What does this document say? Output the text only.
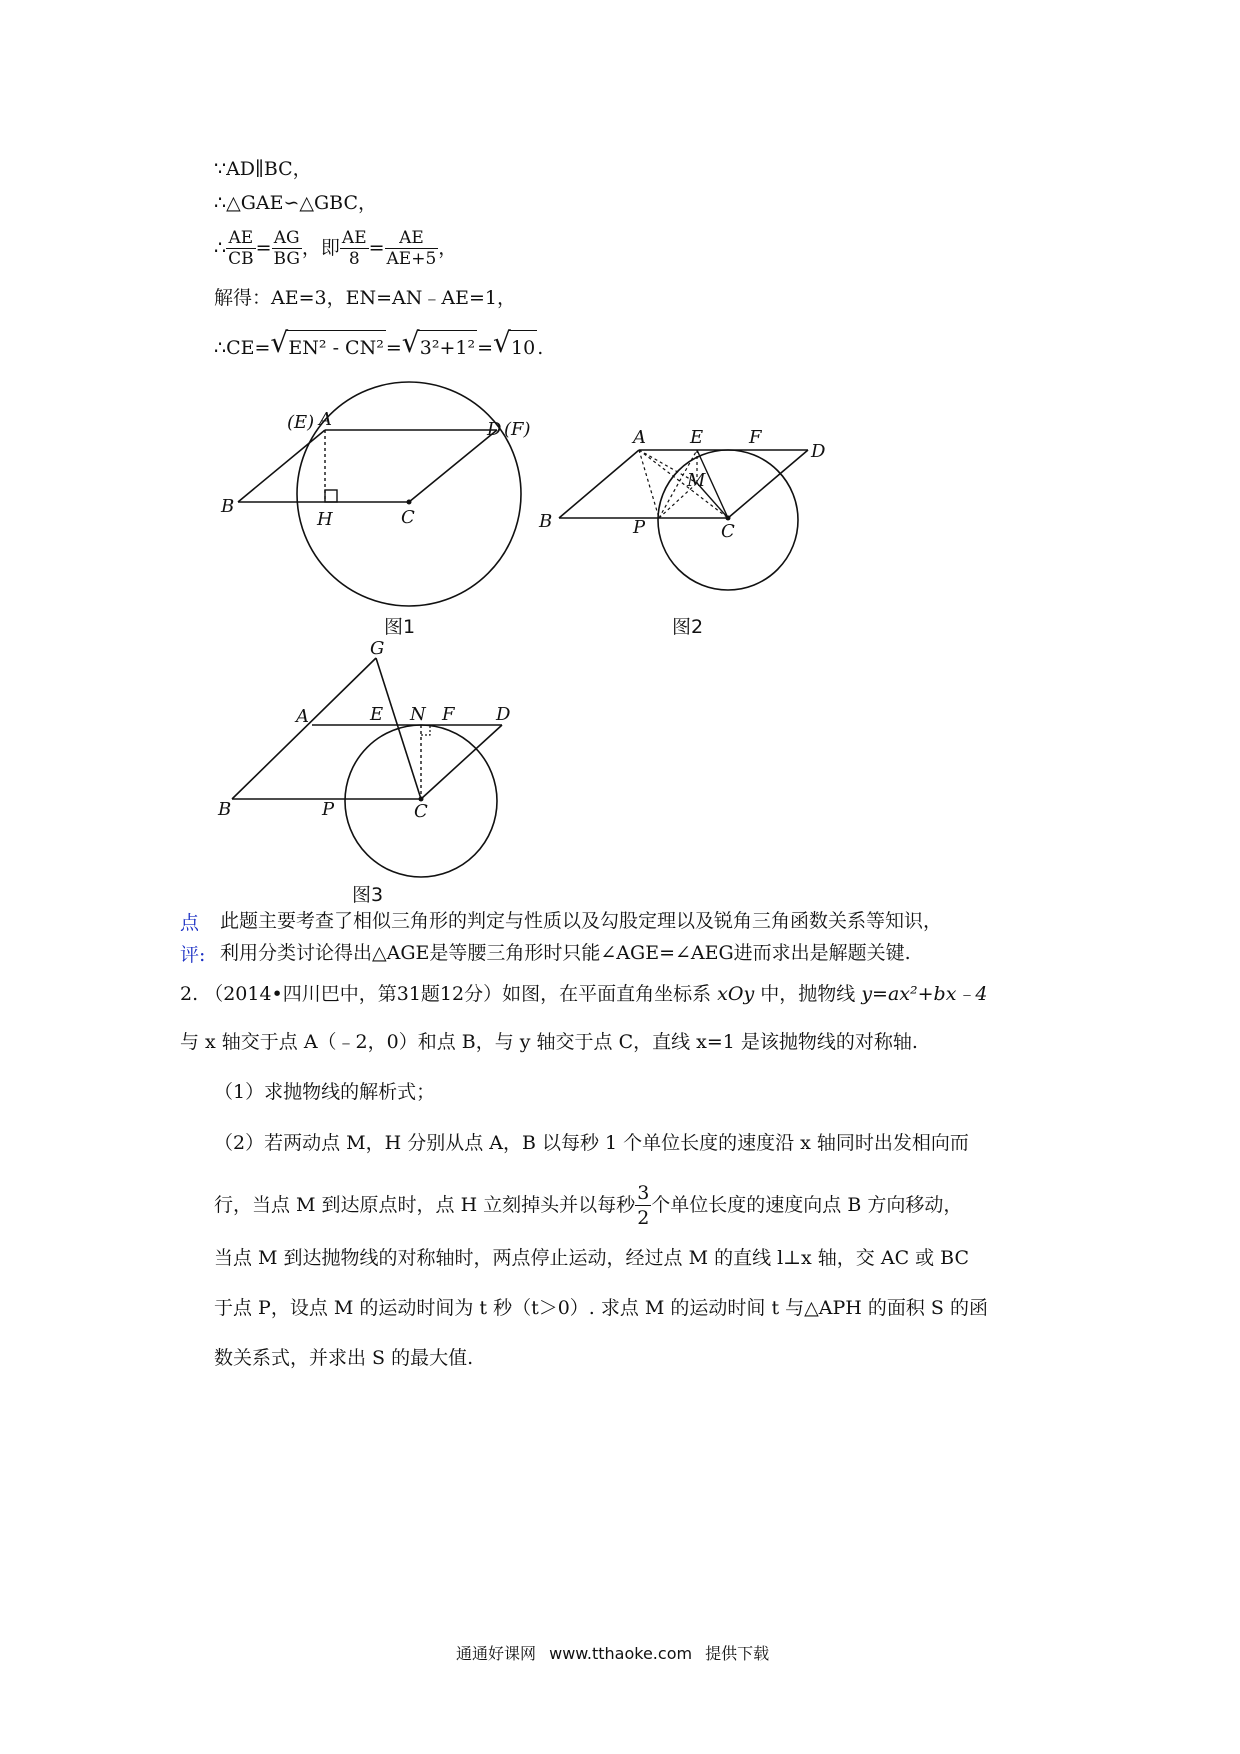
∵AD∥BC，
∴△GAE∽△GBC，
∴ $\frac{AE}{CB} = \frac{AG}{BG}$ ，即 $\frac{AE}{8} = \frac{AE}{AE+5}$ ，
解得：AE=3，EN=AN﹣AE=1，
∴CE= √ EN² - CN² = √ 3²+1² = √ 10 .
(E) A	D (F)
B
H	C
图1
A E	F
D
M
B	P	C
图2
G
A	E N F D
B	P	C
图3
点
评:
此题主要考查了相似三角形的判定与性质以及勾股定理以及锐角三角函数关系等知识，
利用分类讨论得出△AGE是等腰三角形时只能∠AGE=∠AEG进而求出是解题关键.
2. （2014•四川巴中，第31题12分）如图，在平面直角坐标系 xOy 中，抛物线 y=ax²+bx﹣4
与 x 轴交于点 A（﹣2，0）和点 B，与 y 轴交于点 C，直线 x=1 是该抛物线的对称轴.
（1）求抛物线的解析式；
（2）若两动点 M，H 分别从点 A，B 以每秒 1 个单位长度的速度沿 x 轴同时出发相向而
行，当点 M 到达原点时，点 H 立刻掉头并以每秒 $\frac{3}{2}$ 个单位长度的速度向点 B 方向移动，
当点 M 到达抛物线的对称轴时，两点停止运动，经过点 M 的直线 l⊥x 轴，交 AC 或 BC
于点 P，设点 M 的运动时间为 t 秒（t＞0）. 求点 M 的运动时间 t 与△APH 的面积 S 的函
数关系式，并求出 S 的最大值.
通通好课网 www.tthaoke.com 提供下载
